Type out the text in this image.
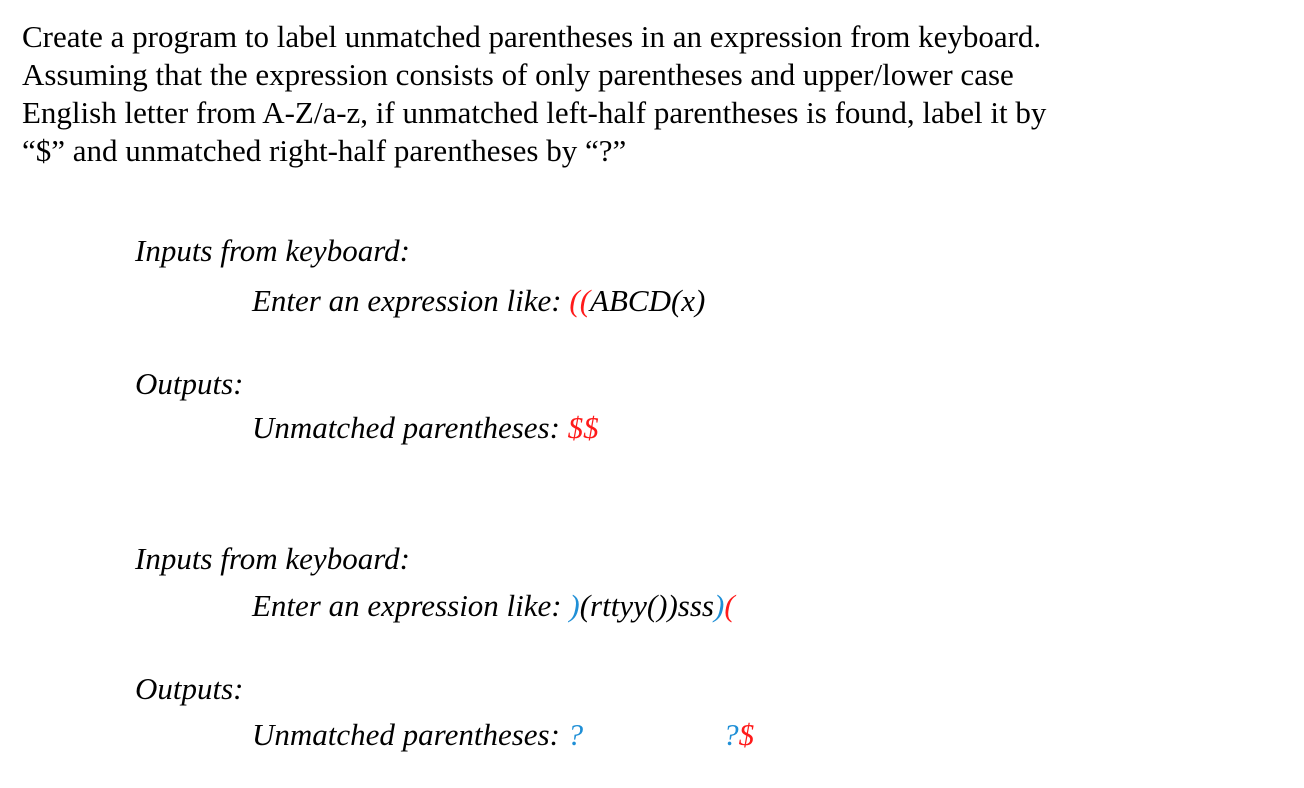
Create a program to label unmatched parentheses in an expression from keyboard.
Assuming that the expression consists of only parentheses and upper/lower case
English letter from A-Z/a-z, if unmatched left-half parentheses is found, label it by
“$” and unmatched right-half parentheses by “?”
Inputs from keyboard:
Enter an expression like: ((ABCD(x)
Outputs:
Unmatched parentheses: $$
Inputs from keyboard:
Enter an expression like: )(rttyy())sss)(
Outputs:
Unmatched parentheses: ?	?$
